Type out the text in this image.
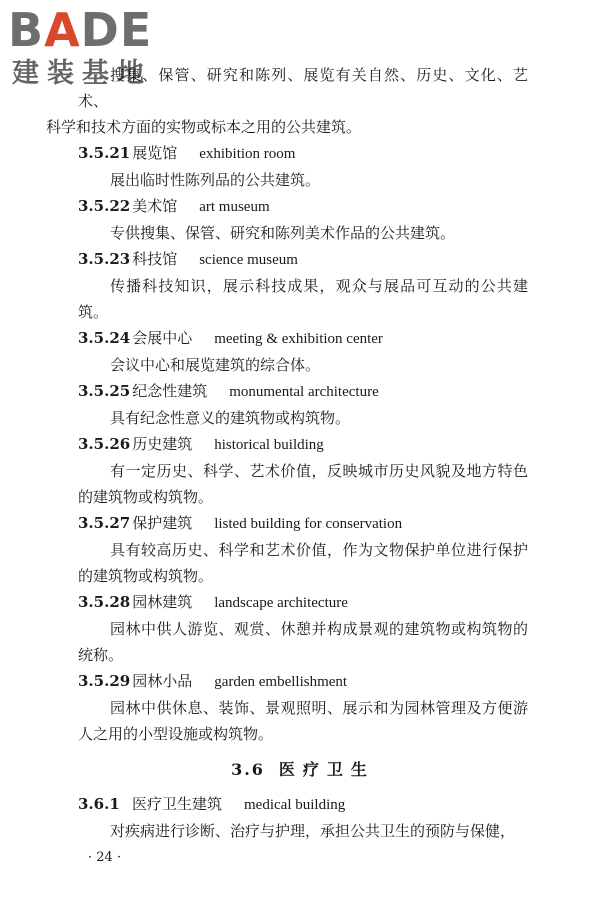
BADE
建装基地

搜集、保管、研究和陈列、展览有关自然、历史、文化、艺术、
科学和技术方面的实物或标本之用的公共建筑。

3.5.21 展览馆 exhibition room

展出临时性陈列品的公共建筑。

3.5.22 美术馆 art museum

专供搜集、保管、研究和陈列美术作品的公共建筑。

3.5.23 科技馆 science museum

传播科技知识，展示科技成果，观众与展品可互动的公共建筑。

3.5.24 会展中心 meeting & exhibition center

会议中心和展览建筑的综合体。

3.5.25 纪念性建筑 monumental architecture

具有纪念性意义的建筑物或构筑物。

3.5.26 历史建筑 historical building

有一定历史、科学、艺术价值，反映城市历史风貌及地方特色的建筑物或构筑物。

3.5.27 保护建筑 listed building for conservation

具有较高历史、科学和艺术价值，作为文物保护单位进行保护的建筑物或构筑物。

3.5.28 园林建筑 landscape architecture

园林中供人游览、观赏、休憩并构成景观的建筑物或构筑物的统称。

3.5.29 园林小品 garden embellishment

园林中供休息、装饰、景观照明、展示和为园林管理及方便游人之用的小型设施或构筑物。

3.6 医疗卫生

3.6.1 医疗卫生建筑 medical building

对疾病进行诊断、治疗与护理，承担公共卫生的预防与保健，

· 24 ·
